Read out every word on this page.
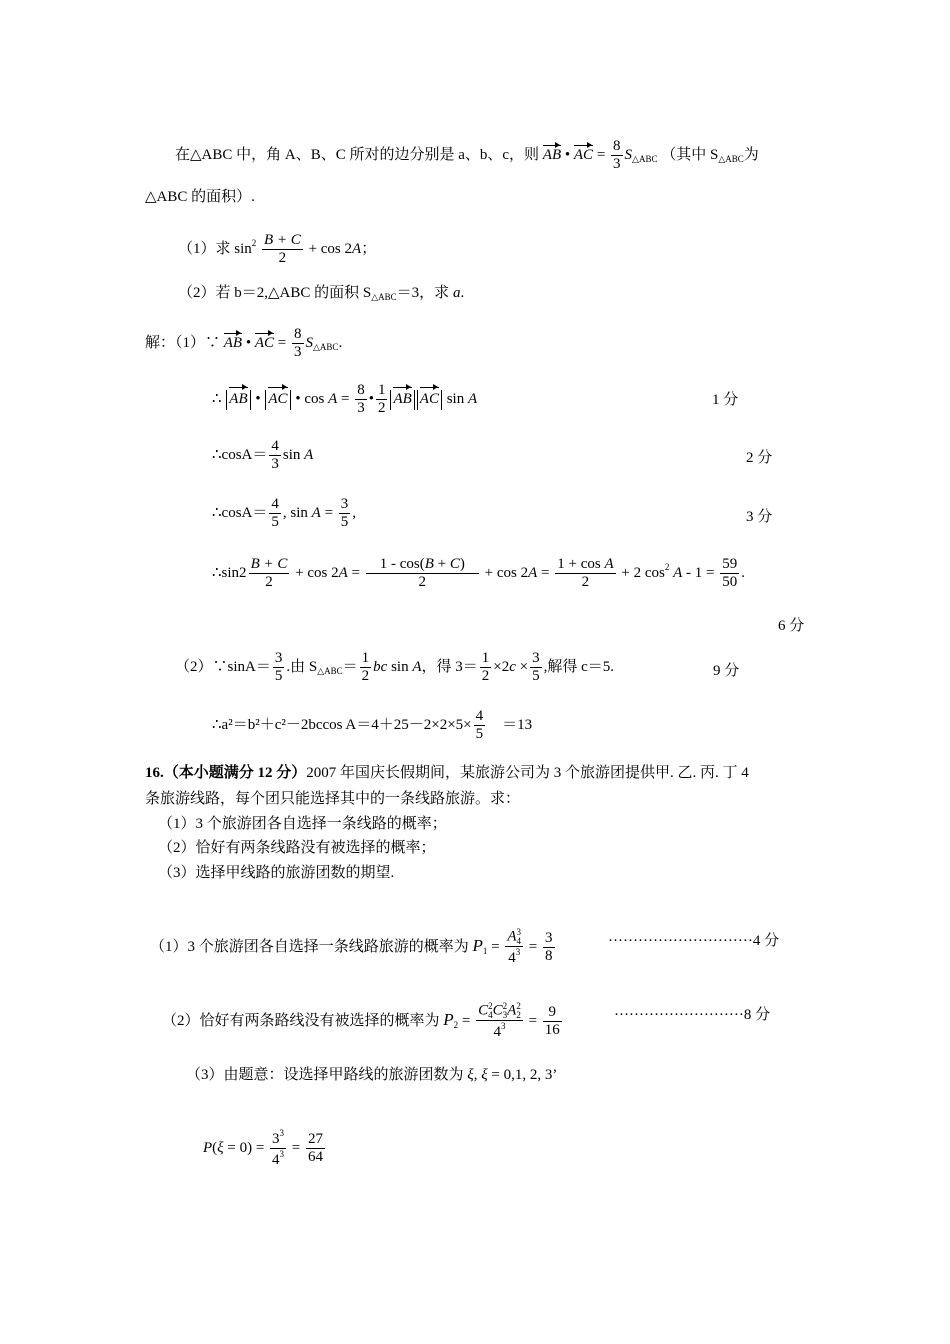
在△ABC 中，角 A、B、C 所对的边分别是 a、b、c，则 AB • AC = $\frac{8}{3} S_{\triangle ABC}$ （其中 $S_{\triangle ABC}$为
△ABC 的面积）.
（1）求 $\sin^2 \frac{B + C}{2} + \cos 2A$；
（2）若 b＝2,△ABC 的面积 $S_{\triangle ABC}=3$，求 a.
解：（1）∵ AB • AC = $\frac{8}{3} S_{\triangle ABC}$.
∴ AB • AC • $\cos A = \frac{8}{3}$ • $\frac{1}{2}$ AB AC sin A	1 分
∴cosA＝ $\frac{4}{3}$ sin A	2 分
∴cosA＝ $\frac{4}{5}$ , $\sin A = \frac{3}{5}$ ,	3 分
∴sin2 $\frac{B + C}{2} + \cos 2A = \frac{1 - \cos(B + C)}{2} + \cos 2A = \frac{\text{1 + cos A}}{2} + 2$ $\cos^2 A - 1 = \frac{59}{50}$ .
6 分
（2）∵sinA＝ $\frac{3}{5}$ .由 $S_{\triangle ABC}= \frac{1}{2}$ bc sin A，得 $3= \frac{1}{2} \times 2c \times \frac{3}{5}$ ,解得 c＝5.	9 分
∴a²＝b²＋c²－2bccos $A=4+25-2\times 2\times 5\times \frac{4}{5} =13$
16.（本小题满分 12 分）2007 年国庆长假期间，某旅游公司为 3 个旅游团提供甲. 乙. 丙. 丁 4
条旅游线路，每个团只能选择其中的一条线路旅游。求：
（1）3 个旅游团各自选择一条线路的概率；
（2）恰好有两条线路没有被选择的概率；
（3）选择甲线路的旅游团数的期望.
（1）3 个旅游团各自选择一条线路旅游的概率为 $P_1 = A$ 3
4
$4^3 = \frac{3}{8}$	·····························4 分
（2）恰好有两条路线没有被选择的概率为 $P_2 = C$ 2
4 C 2
3 A 2
2
$4^3 = \frac{9}{16}$	··························8 分
（3）由题意：设选择甲路线的旅游团数为 ξ, ξ = 0,1, 2, 3’
$P(\xi = 0) = \frac{3^3}{4^3} = \frac{27}{64}$
